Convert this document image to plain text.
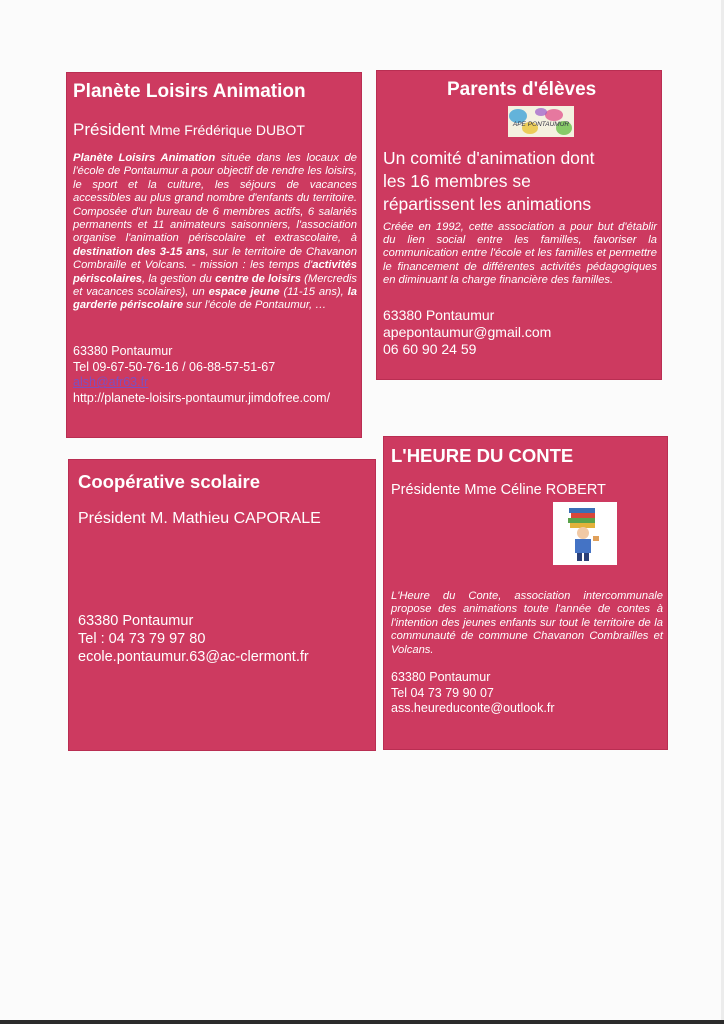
Planète Loisirs Animation
Président Mme Frédérique DUBOT
Planète Loisirs Animation située dans les locaux de l'école de Pontaumur a pour objectif de rendre les loisirs, le sport et la culture, les séjours de vacances accessibles au plus grand nombre d'enfants du territoire. Composée d'un bureau de 6 membres actifs, 6 salariés permanents et 11 animateurs saisonniers, l'association organise l'animation périscolaire et extrascolaire, à destination des 3-15 ans, sur le territoire de Chavanon Combraille et Volcans. - mission : les temps d'activités périscolaires, la gestion du centre de loisirs (Mercredis et vacances scolaires), un espace jeune (11-15 ans), la garderie périscolaire sur l'école de Pontaumur, …
63380 Pontaumur
Tel 09-67-50-76-16 / 06-88-57-51-67
alsh@afr63.fr
http://planete-loisirs-pontaumur.jimdofree.com/
Parents d'élèves
APE PONTAUMUR
Un comité d'animation dont les 16 membres se répartissent les animations
Créée en 1992, cette association a pour but d'établir du lien social entre les familles, favoriser la communication entre l'école et les familles et permettre le financement de différentes activités pédagogiques en diminuant la charge financière des familles.
63380 Pontaumur
apepontaumur@gmail.com
06 60 90 24 59
Coopérative scolaire
Président M. Mathieu CAPORALE
63380 Pontaumur
Tel : 04 73 79 97 80
ecole.pontaumur.63@ac-clermont.fr
L'HEURE DU CONTE
Présidente Mme Céline ROBERT
L'Heure du Conte, association intercommunale propose des animations toute l'année de contes à l'intention des jeunes enfants sur tout le territoire de la communauté de commune Chavanon Combrailles et Volcans.
63380 Pontaumur
Tel 04 73 79 90 07
ass.heureduconte@outlook.fr
